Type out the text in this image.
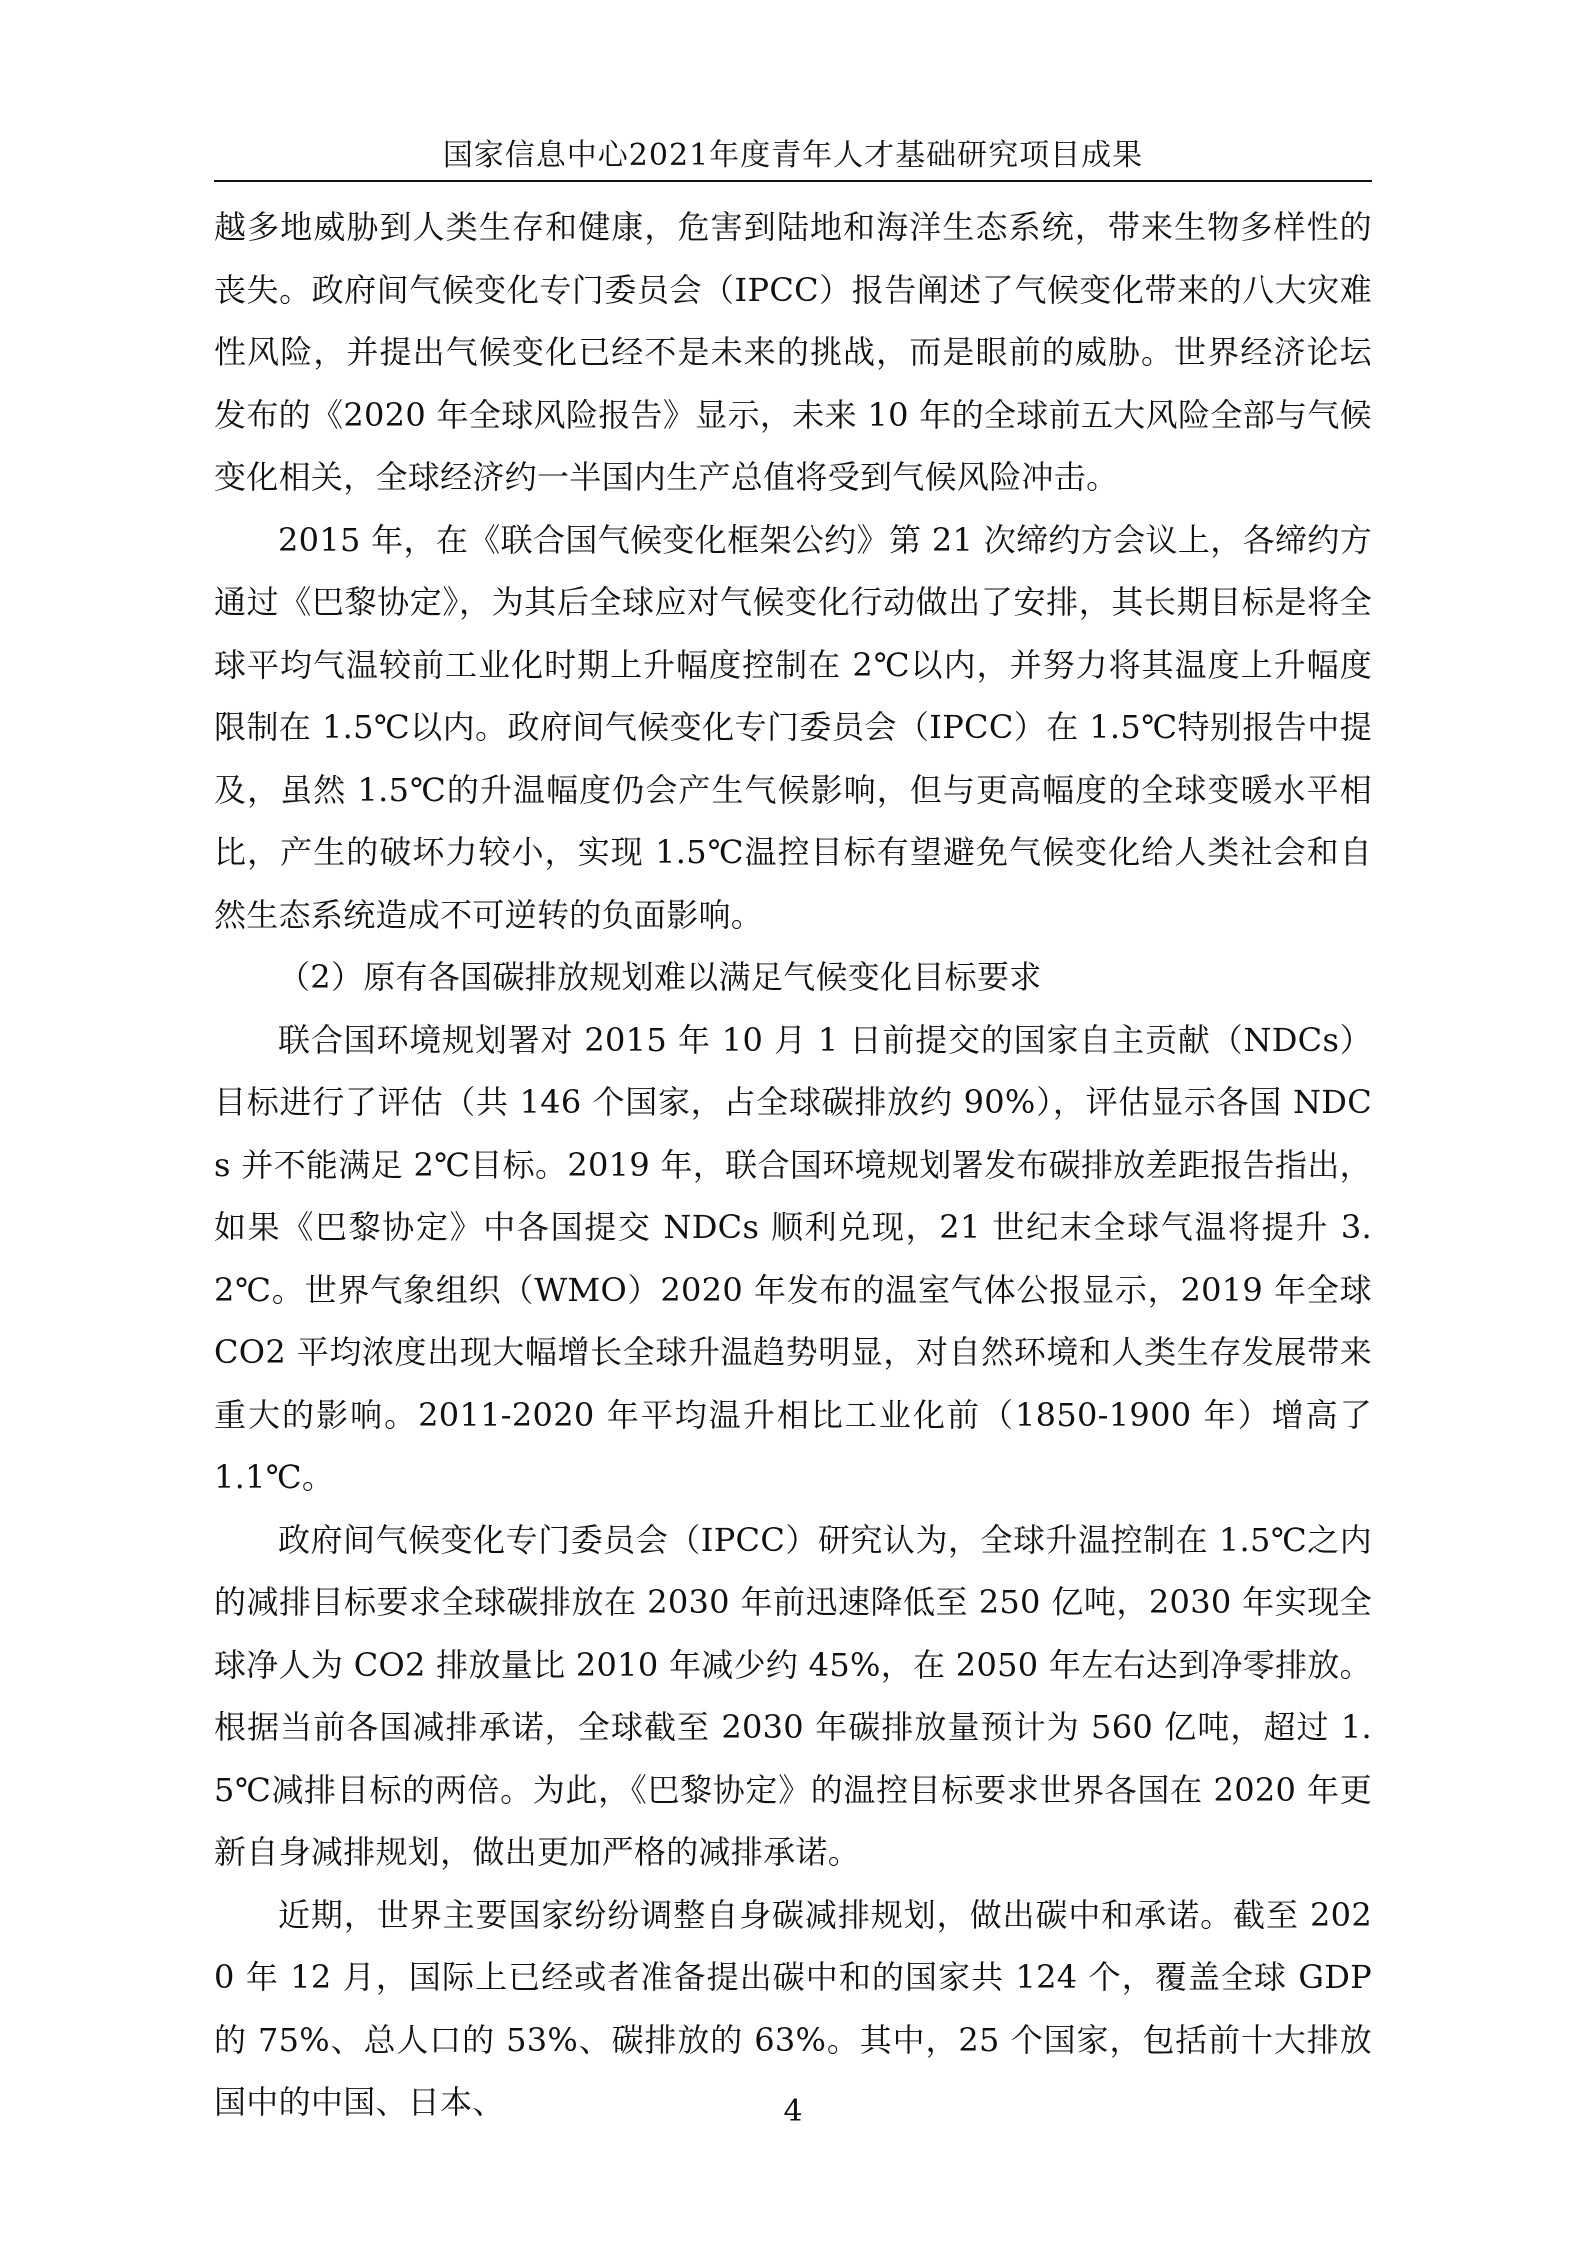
国家信息中心2021年度青年人才基础研究项目成果

越多地威胁到人类生存和健康，危害到陆地和海洋生态系统，带来生物多样性的丧失。政府间气候变化专门委员会（IPCC）报告阐述了气候变化带来的八大灾难性风险，并提出气候变化已经不是未来的挑战，而是眼前的威胁。世界经济论坛发布的《2020 年全球风险报告》显示，未来 10 年的全球前五大风险全部与气候变化相关，全球经济约一半国内生产总值将受到气候风险冲击。

2015 年，在《联合国气候变化框架公约》第 21 次缔约方会议上，各缔约方通过《巴黎协定》，为其后全球应对气候变化行动做出了安排，其长期目标是将全球平均气温较前工业化时期上升幅度控制在 2℃以内，并努力将其温度上升幅度限制在 1.5℃以内。政府间气候变化专门委员会（IPCC）在 1.5℃特别报告中提及，虽然 1.5℃的升温幅度仍会产生气候影响，但与更高幅度的全球变暖水平相比，产生的破坏力较小，实现 1.5℃温控目标有望避免气候变化给人类社会和自然生态系统造成不可逆转的负面影响。

（2）原有各国碳排放规划难以满足气候变化目标要求

联合国环境规划署对 2015 年 10 月 1 日前提交的国家自主贡献（NDCs）目标进行了评估（共 146 个国家，占全球碳排放约 90%），评估显示各国 NDCs 并不能满足 2℃目标。2019 年，联合国环境规划署发布碳排放差距报告指出，如果《巴黎协定》中各国提交 NDCs 顺利兑现，21 世纪末全球气温将提升 3.2℃。世界气象组织（WMO）2020 年发布的温室气体公报显示，2019 年全球 CO2 平均浓度出现大幅增长全球升温趋势明显，对自然环境和人类生存发展带来重大的影响。2011-2020 年平均温升相比工业化前（1850-1900 年）增高了 1.1℃。

政府间气候变化专门委员会（IPCC）研究认为，全球升温控制在 1.5℃之内的减排目标要求全球碳排放在 2030 年前迅速降低至 250 亿吨，2030 年实现全球净人为 CO2 排放量比 2010 年减少约 45%，在 2050 年左右达到净零排放。根据当前各国减排承诺，全球截至 2030 年碳排放量预计为 560 亿吨，超过 1.5℃减排目标的两倍。为此，《巴黎协定》的温控目标要求世界各国在 2020 年更新自身减排规划，做出更加严格的减排承诺。

近期，世界主要国家纷纷调整自身碳减排规划，做出碳中和承诺。截至 2020 年 12 月，国际上已经或者准备提出碳中和的国家共 124 个，覆盖全球 GDP 的 75%、总人口的 53%、碳排放的 63%。其中，25 个国家，包括前十大排放国中的中国、日本、	4
